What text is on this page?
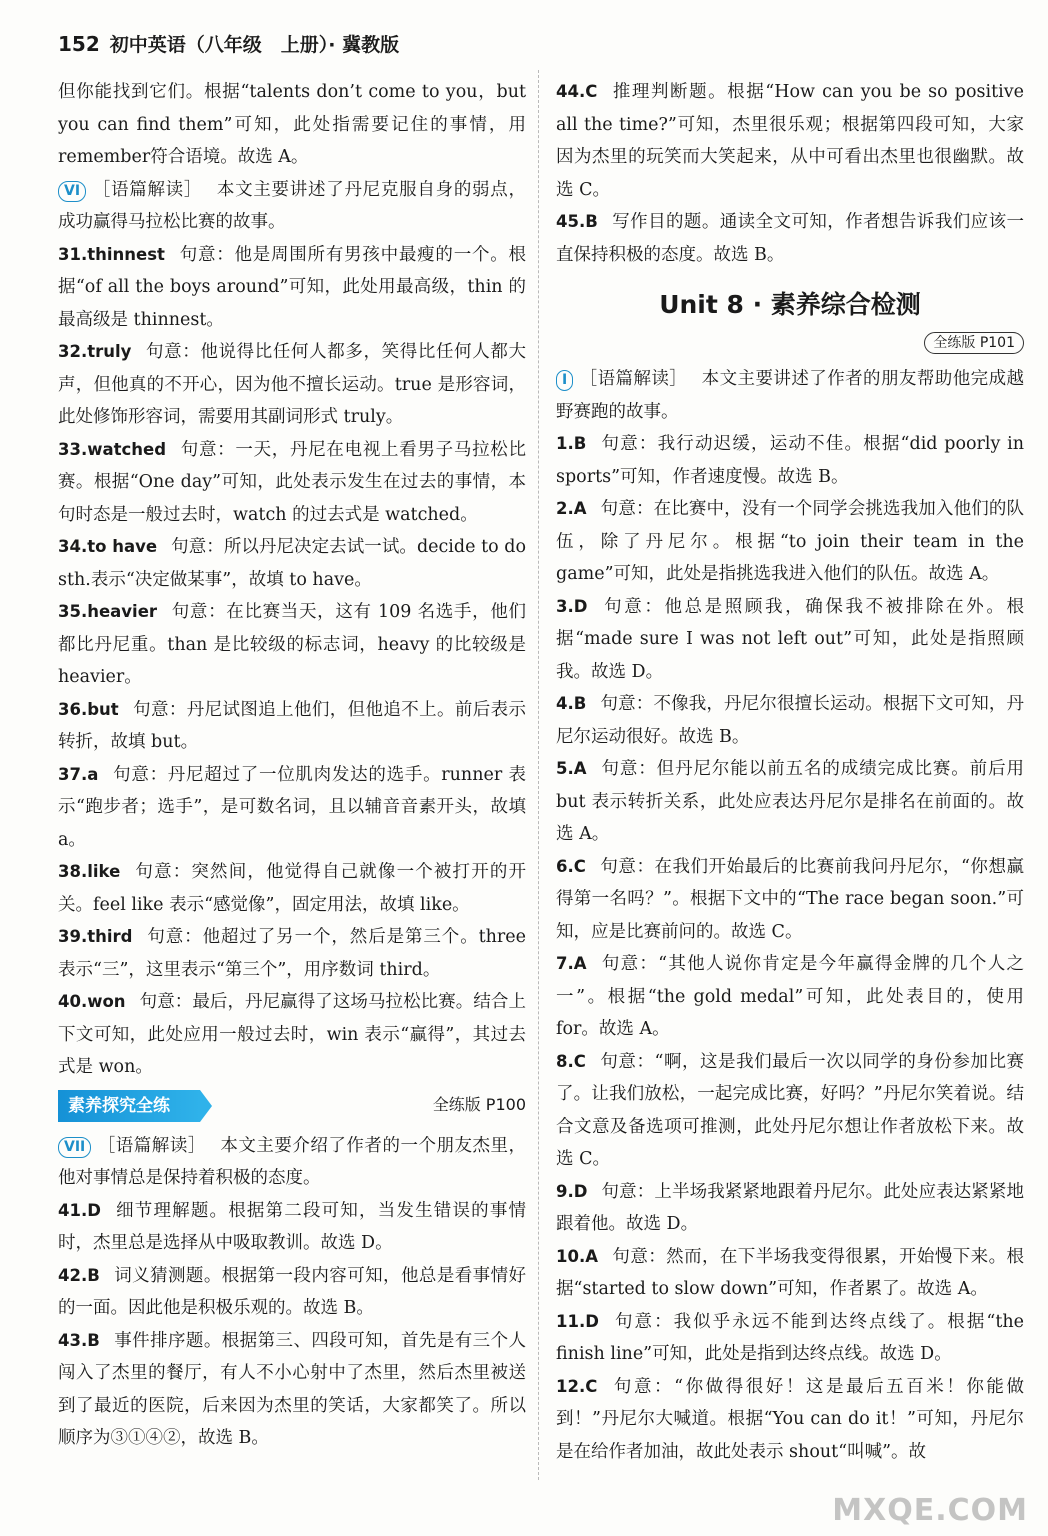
152 初中英语（八年级　上册）· 冀教版

但你能找到它们。根据“talents don’t come to you，but you can find them”可知，此处指需要记住的事情，用remember符合语境。故选 A。

VI ［语篇解读］ 本文主要讲述了丹尼克服自身的弱点，成功赢得马拉松比赛的故事。

31.thinnest 句意：他是周围所有男孩中最瘦的一个。根据“of all the boys around”可知，此处用最高级，thin 的最高级是 thinnest。

32.truly 句意：他说得比任何人都多，笑得比任何人都大声，但他真的不开心，因为他不擅长运动。true 是形容词，此处修饰形容词，需要用其副词形式 truly。

33.watched 句意：一天，丹尼在电视上看男子马拉松比赛。根据“One day”可知，此处表示发生在过去的事情，本句时态是一般过去时，watch 的过去式是 watched。

34.to have 句意：所以丹尼决定去试一试。decide to do sth.表示“决定做某事”，故填 to have。

35.heavier 句意：在比赛当天，这有 109 名选手，他们都比丹尼重。than 是比较级的标志词，heavy 的比较级是 heavier。

36.but 句意：丹尼试图追上他们，但他追不上。前后表示转折，故填 but。

37.a 句意：丹尼超过了一位肌肉发达的选手。runner 表示“跑步者；选手”，是可数名词，且以辅音音素开头，故填 a。

38.like 句意：突然间，他觉得自己就像一个被打开的开关。feel like 表示“感觉像”，固定用法，故填 like。

39.third 句意：他超过了另一个，然后是第三个。three 表示“三”，这里表示“第三个”，用序数词 third。

40.won 句意：最后，丹尼赢得了这场马拉松比赛。结合上下文可知，此处应用一般过去时，win 表示“赢得”，其过去式是 won。

素养探究全练	全练版 P100

VII ［语篇解读］ 本文主要介绍了作者的一个朋友杰里，他对事情总是保持着积极的态度。

41.D 细节理解题。根据第二段可知，当发生错误的事情时，杰里总是选择从中吸取教训。故选 D。

42.B 词义猜测题。根据第一段内容可知，他总是看事情好的一面。因此他是积极乐观的。故选 B。

43.B 事件排序题。根据第三、四段可知，首先是有三个人闯入了杰里的餐厅，有人不小心射中了杰里，然后杰里被送到了最近的医院，后来因为杰里的笑话，大家都笑了。所以顺序为③①④②，故选 B。

44.C 推理判断题。根据“How can you be so positive all the time?”可知，杰里很乐观；根据第四段可知，大家因为杰里的玩笑而大笑起来，从中可看出杰里也很幽默。故选 C。

45.B 写作目的题。通读全文可知，作者想告诉我们应该一直保持积极的态度。故选 B。

Unit 8 · 素养综合检测
全练版 P101

I ［语篇解读］ 本文主要讲述了作者的朋友帮助他完成越野赛跑的故事。

1.B 句意：我行动迟缓，运动不佳。根据“did poorly in sports”可知，作者速度慢。故选 B。

2.A 句意：在比赛中，没有一个同学会挑选我加入他们的队伍，除了丹尼尔。根据“to join their team in the game”可知，此处是指挑选我进入他们的队伍。故选 A。

3.D 句意：他总是照顾我，确保我不被排除在外。根据“made sure I was not left out”可知，此处是指照顾我。故选 D。

4.B 句意：不像我，丹尼尔很擅长运动。根据下文可知，丹尼尔运动很好。故选 B。

5.A 句意：但丹尼尔能以前五名的成绩完成比赛。前后用 but 表示转折关系，此处应表达丹尼尔是排名在前面的。故选 A。

6.C 句意：在我们开始最后的比赛前我问丹尼尔，“你想赢得第一名吗？”。根据下文中的“The race began soon.”可知，应是比赛前问的。故选 C。

7.A 句意：“其他人说你肯定是今年赢得金牌的几个人之一”。根据“the gold medal”可知，此处表目的，使用 for。故选 A。

8.C 句意：“啊，这是我们最后一次以同学的身份参加比赛了。让我们放松，一起完成比赛，好吗？”丹尼尔笑着说。结合文意及备选项可推测，此处丹尼尔想让作者放松下来。故选 C。

9.D 句意：上半场我紧紧地跟着丹尼尔。此处应表达紧紧地跟着他。故选 D。

10.A 句意：然而，在下半场我变得很累，开始慢下来。根据“started to slow down”可知，作者累了。故选 A。

11.D 句意：我似乎永远不能到达终点线了。根据“the finish line”可知，此处是指到达终点线。故选 D。

12.C 句意：“你做得很好！这是最后五百米！你能做到！”丹尼尔大喊道。根据“You can do it！”可知，丹尼尔是在给作者加油，故此处表示 shout“叫喊”。故

MXQE.COM
